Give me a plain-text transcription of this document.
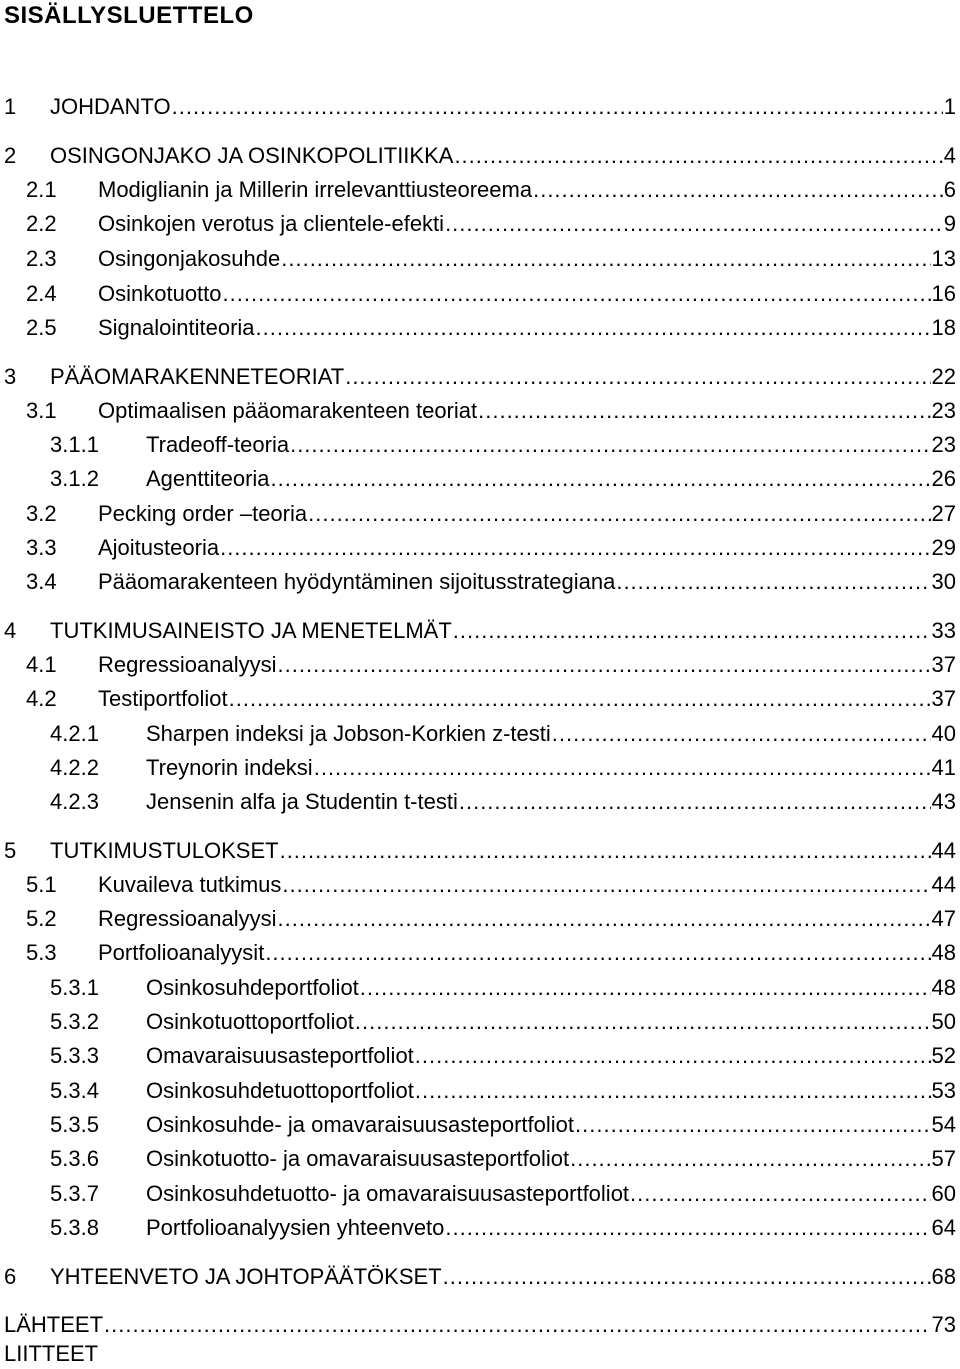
SISÄLLYSLUETTELO
1	JOHDANTO .....	1
2	OSINGONJAKO JA OSINKOPOLITIIKKA .....	4
2.1	Modiglianin ja Millerin irrelevanttiusteoreema .....	6
2.2	Osinkojen verotus ja clientele-efekti .....	9
2.3	Osingonjakosuhde .....	13
2.4	Osinkotuotto .....	16
2.5	Signalointiteoria .....	18
3	PÄÄOMARAKENNETEORIAT .....	22
3.1	Optimaalisen pääomarakenteen teoriat .....	23
3.1.1	Tradeoff-teoria .....	23
3.1.2	Agenttiteoria .....	26
3.2	Pecking order –teoria .....	27
3.3	Ajoitusteoria .....	29
3.4	Pääomarakenteen hyödyntäminen sijoitusstrategiana .....	30
4	TUTKIMUSAINEISTO JA MENETELMÄT .....	33
4.1	Regressioanalyysi .....	37
4.2	Testiportfoliot .....	37
4.2.1	Sharpen indeksi ja Jobson-Korkien z-testi .....	40
4.2.2	Treynorin indeksi .....	41
4.2.3	Jensenin alfa ja Studentin t-testi .....	43
5	TUTKIMUSTULOKSET .....	44
5.1	Kuvaileva tutkimus .....	44
5.2	Regressioanalyysi .....	47
5.3	Portfolioanalyysit .....	48
5.3.1	Osinkosuhdeportfoliot .....	48
5.3.2	Osinkotuottoportfoliot .....	50
5.3.3	Omavaraisuusasteportfoliot .....	52
5.3.4	Osinkosuhdetuottoportfoliot .....	53
5.3.5	Osinkosuhde- ja omavaraisuusasteportfoliot .....	54
5.3.6	Osinkotuotto- ja omavaraisuusasteportfoliot .....	57
5.3.7	Osinkosuhdetuotto- ja omavaraisuusasteportfoliot .....	60
5.3.8	Portfolioanalyysien yhteenveto .....	64
6	YHTEENVETO JA JOHTOPÄÄTÖKSET .....	68
LÄHTEET .....	73
LIITTEET
